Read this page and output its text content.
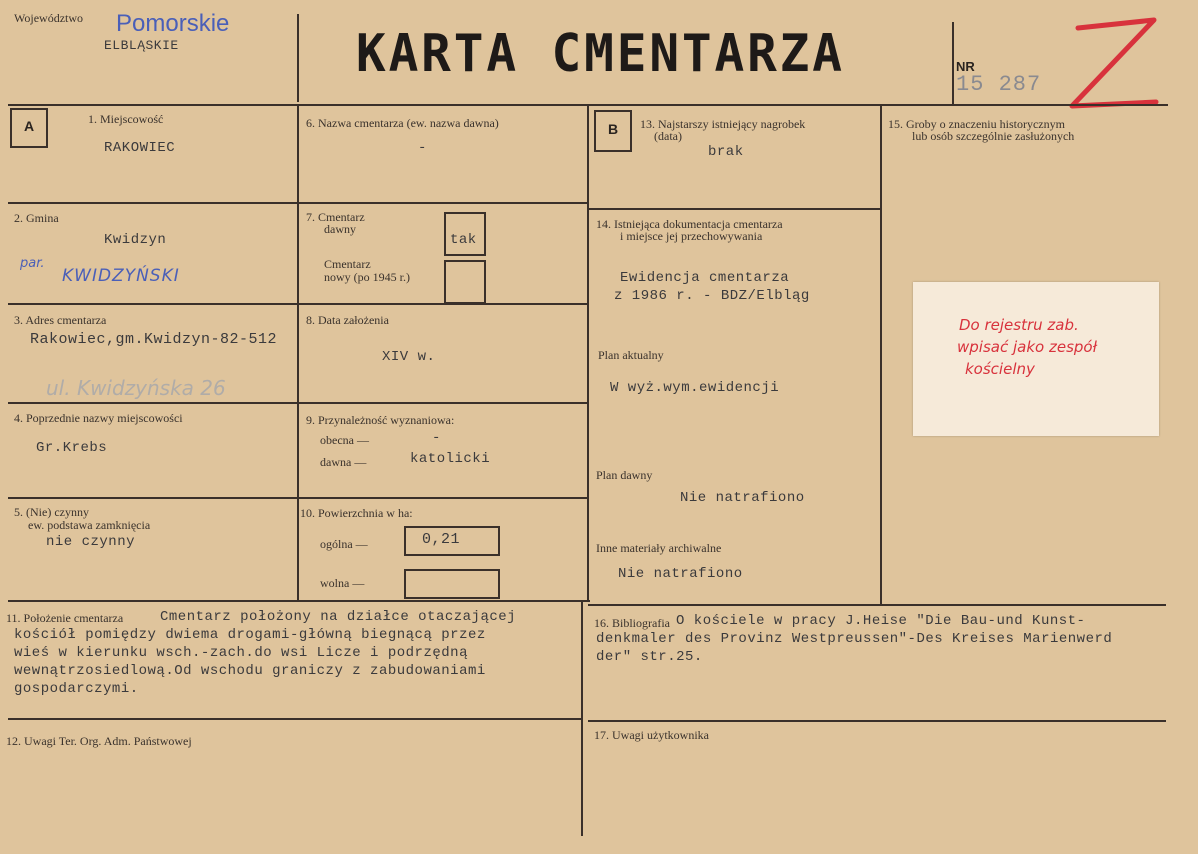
Województwo Pomorskie
ELBLĄSKIE	KARTA CMENTARZA	NR
15 287
A	1. Miejscowość
RAKOWIEC
2. Gmina
Kwidzyn
par.
KWIDZYŃSKI
3. Adres cmentarza
Rakowiec,gm.Kwidzyn-82-512
ul. Kwidzyńska 26
4. Poprzednie nazwy miejscowości
Gr.Krebs
5. (Nie) czynny
ew. podstawa zamknięcia
nie czynny
6. Nazwa cmentarza (ew. nazwa dawna)
-
7. Cmentarz
dawny
tak
Cmentarz
nowy (po 1945 r.)
8. Data założenia
XIV w.
9. Przynależność wyznaniowa:
obecna —	-
dawna —	katolicki
10. Powierzchnia w ha:
ogólna —	0,21
wolna —
B	13. Najstarszy istniejący nagrobek
(data)
brak
14. Istniejąca dokumentacja cmentarza
i miejsce jej przechowywania
Ewidencja cmentarza
z 1986 r. - BDZ/Elbląg
Plan aktualny
W wyż.wym.ewidencji
Plan dawny
Nie natrafiono
Inne materiały archiwalne
Nie natrafiono
15. Groby o znaczeniu historycznym
lub osób szczególnie zasłużonych
Do rejestru zab.
wpisać jako zespół
kościelny
11. Położenie cmentarza	Cmentarz położony na działce otaczającej
kościół pomiędzy dwiema drogami-główną biegnącą przez
wieś w kierunku wsch.-zach.do wsi Licze i podrzędną
wewnątrzosiedlową.Od wschodu graniczy z zabudowaniami
gospodarczymi.
12. Uwagi Ter. Org. Adm. Państwowej
16. Bibliografia O kościele w pracy J.Heise "Die Bau-und Kunst-
denkmaler des Provinz Westpreussen"-Des Kreises Marienwerd
der" str.25.
17. Uwagi użytkownika
